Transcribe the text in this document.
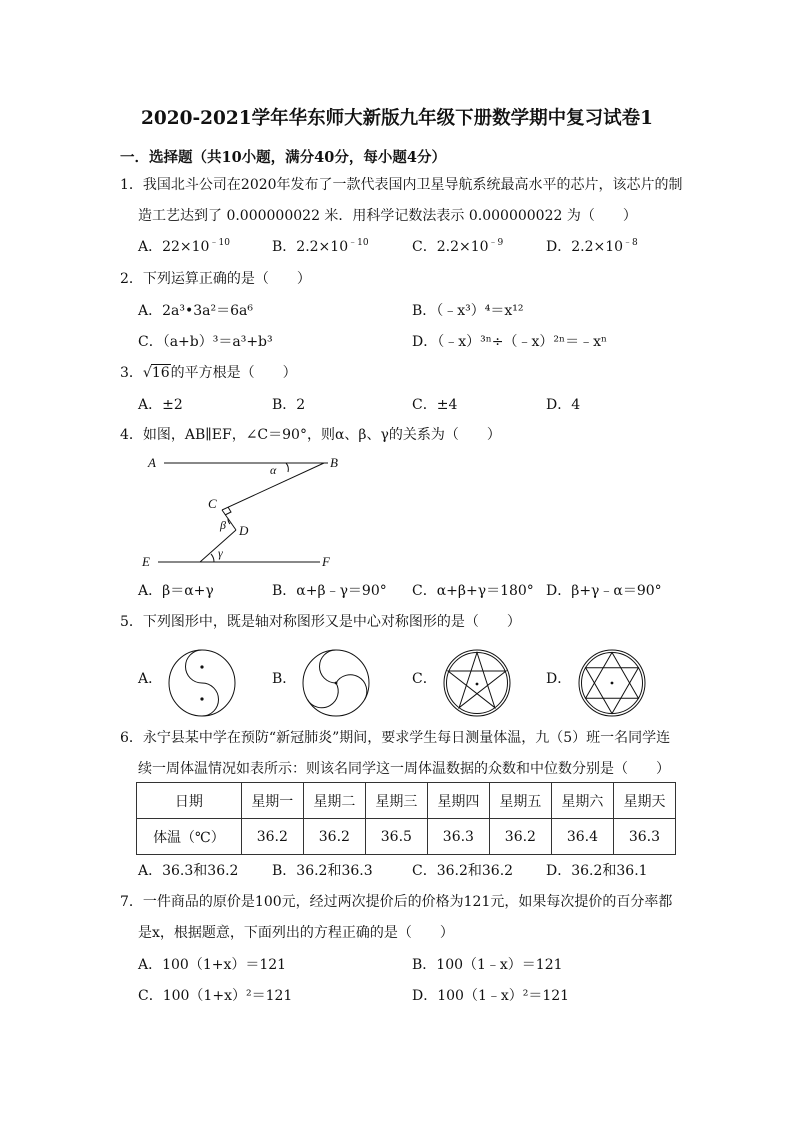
2020-2021学年华东师大新版九年级下册数学期中复习试卷1
一．选择题（共10小题，满分40分，每小题4分）
1．我国北斗公司在2020年发布了一款代表国内卫星导航系统最高水平的芯片，该芯片的制
造工艺达到了 0.000000022 米．用科学记数法表示 0.000000022 为（　　）
A．$22\times 10^{﹣10}$	B．$2.2\times 10^{﹣10}$	C．$2.2\times 10^{﹣9}$	D．$2.2\times 10^{﹣8}$
2．下列运算正确的是（　　）
A．2a³•3a²＝6a⁶	B．（﹣x³）⁴＝x¹²
C．（a+b）³＝a³+b³	D．（﹣x）³ⁿ÷（﹣x）²ⁿ＝﹣xⁿ
3．√16的平方根是（　　）
A．±2	B．2	C．±4	D．4
4．如图，AB∥EF，∠C＝90°，则α、β、γ的关系为（　　）
A	B
C
D
E	F
α
β
γ
A．β＝α+γ	B．α+β﹣γ＝90° C．α+β+γ＝180° D．β+γ﹣α＝90°
5．下列图形中，既是轴对称图形又是中心对称图形的是（　　）
A．	B．	C．	D．
6．永宁县某中学在预防“新冠肺炎”期间，要求学生每日测量体温，九（5）班一名同学连
续一周体温情况如表所示：则该名同学这一周体温数据的众数和中位数分别是（　　）
日期	星期一	星期二	星期三	星期四	星期五	星期六	星期天
体温（℃）	36.2	36.2	36.5	36.3	36.2	36.4	36.3
A．36.3和36.2 B．36.2和36.3	C．36.2和36.2 D．36.2和36.1
7．一件商品的原价是100元，经过两次提价后的价格为121元，如果每次提价的百分率都
是x，根据题意，下面列出的方程正确的是（　　）
A．100（1+x）＝121	B．100（1﹣x）＝121
C．100（1+x）²＝121	D．100（1﹣x）²＝121
